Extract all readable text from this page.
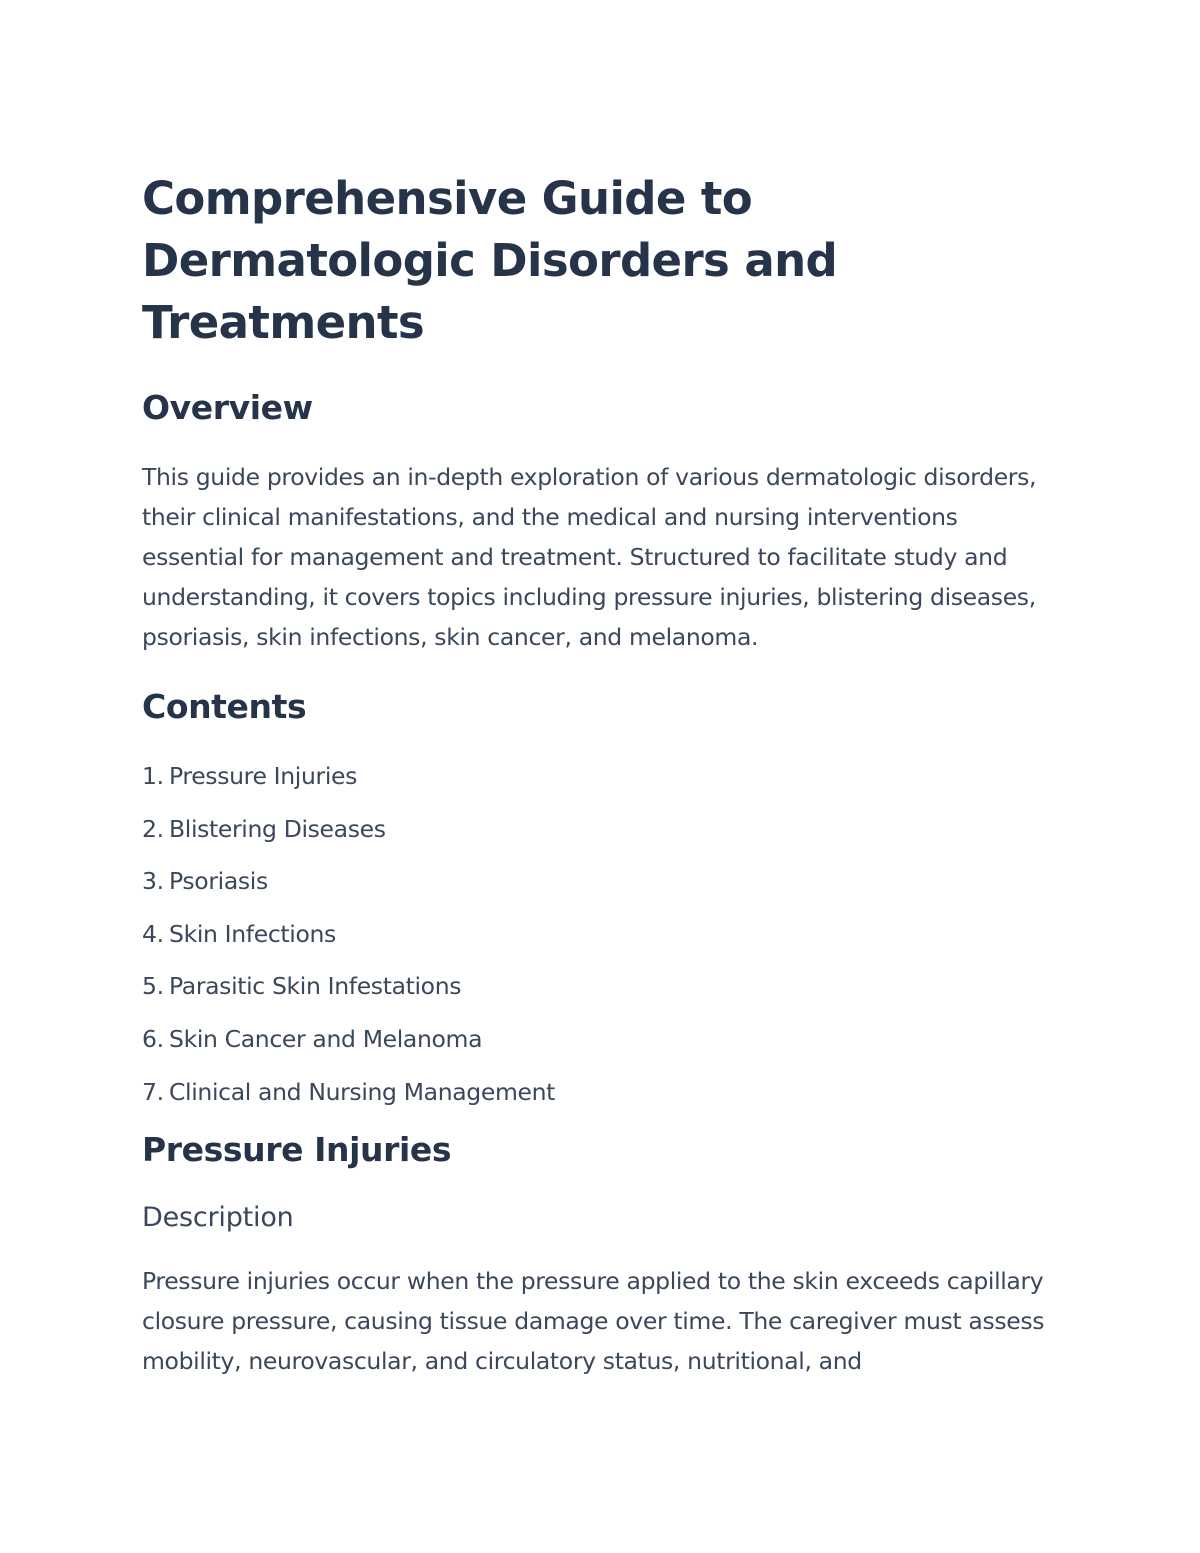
Comprehensive Guide to Dermatologic Disorders and Treatments
Overview

This guide provides an in-depth exploration of various dermatologic disorders, their clinical manifestations, and the medical and nursing interventions essential for management and treatment. Structured to facilitate study and understanding, it covers topics including pressure injuries, blistering diseases, psoriasis, skin infections, skin cancer, and melanoma.

Contents
1. Pressure Injuries
2. Blistering Diseases
3. Psoriasis
4. Skin Infections
5. Parasitic Skin Infestations
6. Skin Cancer and Melanoma
7. Clinical and Nursing Management
Pressure Injuries
Description

Pressure injuries occur when the pressure applied to the skin exceeds capillary closure pressure, causing tissue damage over time. The caregiver must assess mobility, neurovascular, and circulatory status, nutritional, and
